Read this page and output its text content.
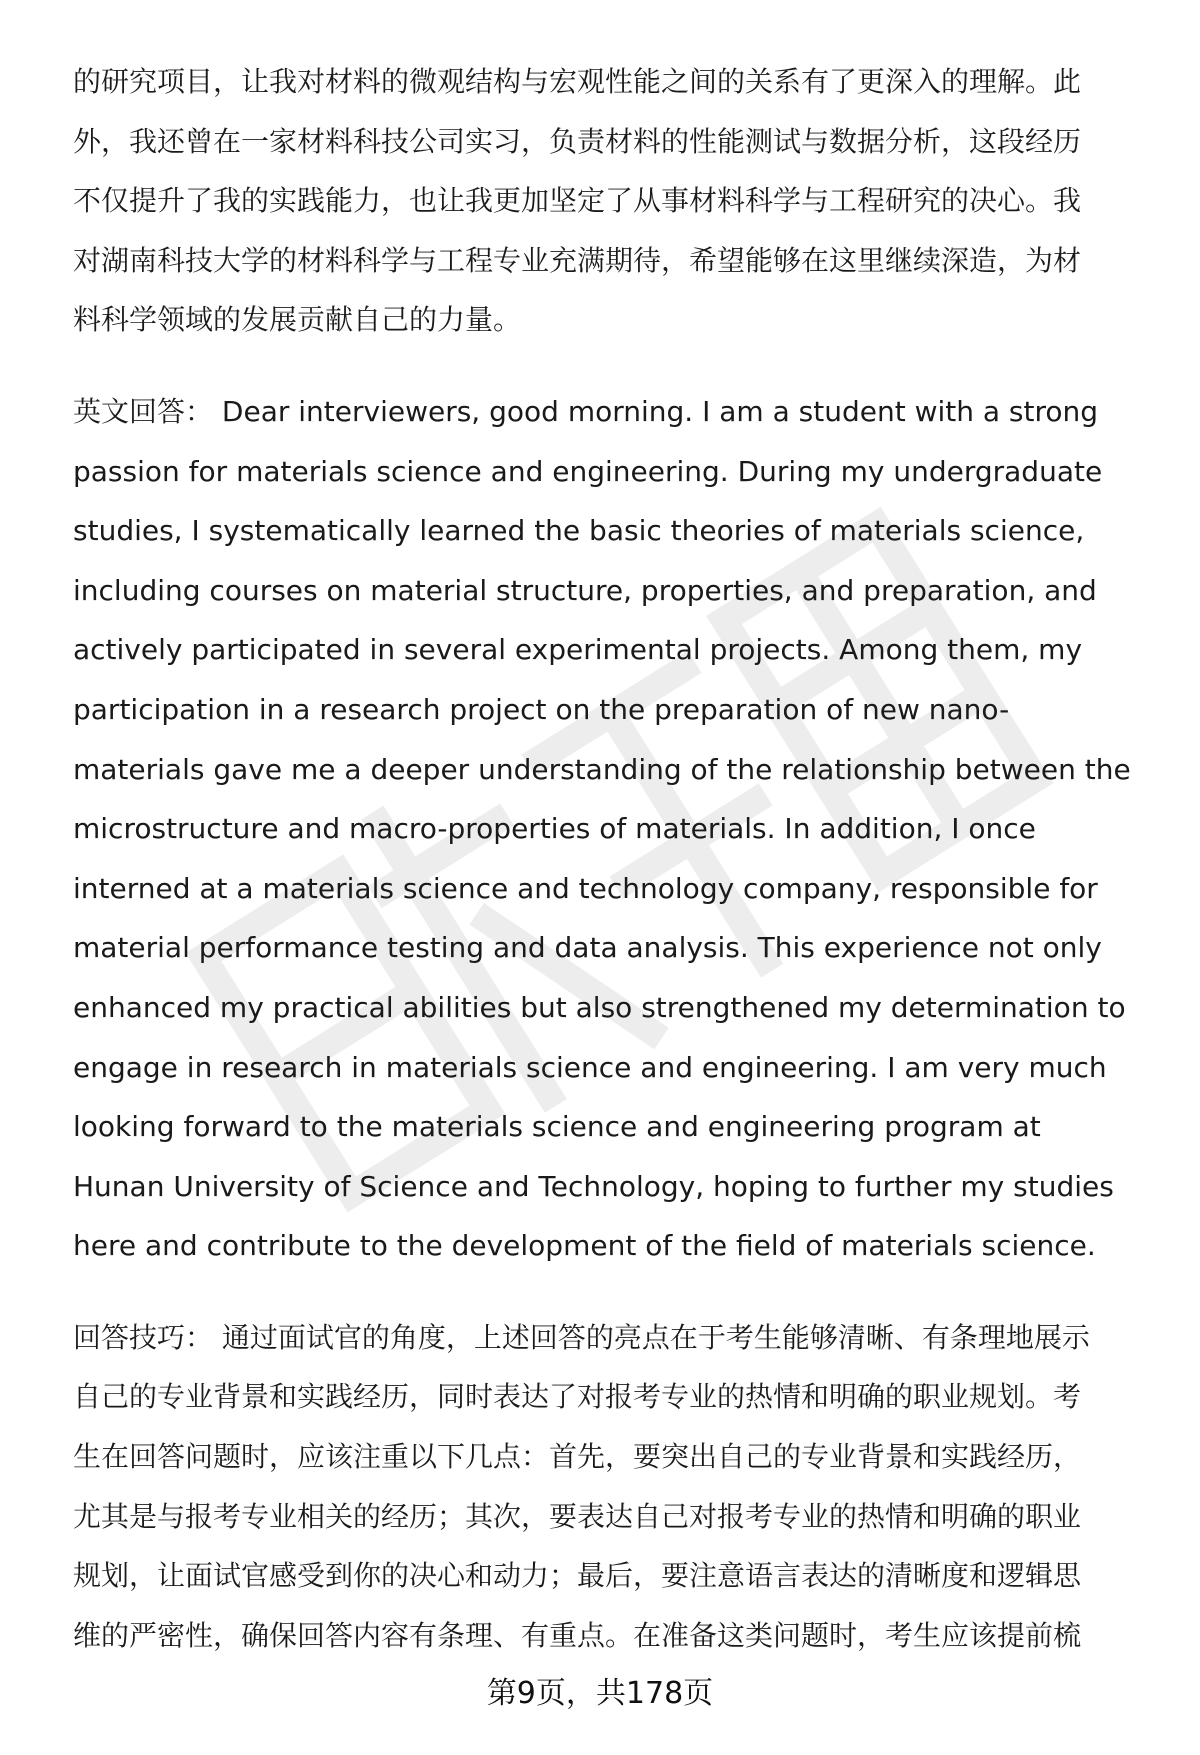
的研究项目，让我对材料的微观结构与宏观性能之间的关系有了更深入的理解。此
外，我还曾在一家材料科技公司实习，负责材料的性能测试与数据分析，这段经历
不仅提升了我的实践能力，也让我更加坚定了从事材料科学与工程研究的决心。我
对湖南科技大学的材料科学与工程专业充满期待，希望能够在这里继续深造，为材
料科学领域的发展贡献自己的力量。
英文回答： Dear interviewers, good morning. I am a student with a strong
passion for materials science and engineering. During my undergraduate
studies, I systematically learned the basic theories of materials science,
including courses on material structure, properties, and preparation, and
actively participated in several experimental projects. Among them, my
participation in a research project on the preparation of new nano-
materials gave me a deeper understanding of the relationship between the
microstructure and macro-properties of materials. In addition, I once
interned at a materials science and technology company, responsible for
material performance testing and data analysis. This experience not only
enhanced my practical abilities but also strengthened my determination to
engage in research in materials science and engineering. I am very much
looking forward to the materials science and engineering program at
Hunan University of Science and Technology, hoping to further my studies
here and contribute to the development of the field of materials science.
回答技巧： 通过面试官的角度，上述回答的亮点在于考生能够清晰、有条理地展示
自己的专业背景和实践经历，同时表达了对报考专业的热情和明确的职业规划。考
生在回答问题时，应该注重以下几点：首先，要突出自己的专业背景和实践经历，
尤其是与报考专业相关的经历；其次，要表达自己对报考专业的热情和明确的职业
规划，让面试官感受到你的决心和动力；最后，要注意语言表达的清晰度和逻辑思
维的严密性，确保回答内容有条理、有重点。在准备这类问题时，考生应该提前梳
第9页，共178页
